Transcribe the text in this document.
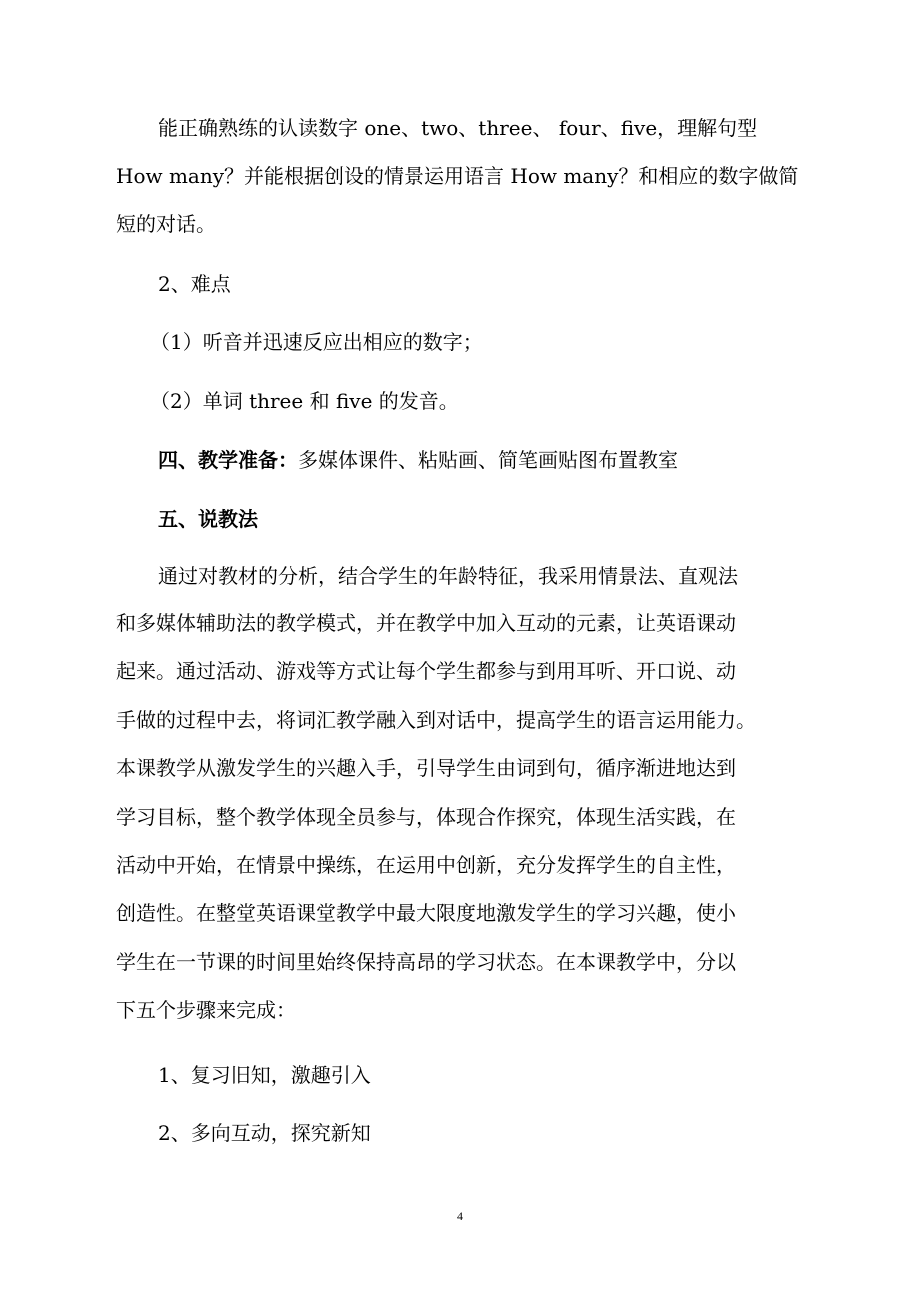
能正确熟练的认读数字 one、two、three、 four、five，理解句型
How many？并能根据创设的情景运用语言 How many？和相应的数字做简
短的对话。
2、难点
（1）听音并迅速反应出相应的数字；
（2）单词 three 和 five 的发音。
四、教学准备：多媒体课件、粘贴画、简笔画贴图布置教室
五、说教法
通过对教材的分析，结合学生的年龄特征，我采用情景法、直观法
和多媒体辅助法的教学模式，并在教学中加入互动的元素，让英语课动
起来。通过活动、游戏等方式让每个学生都参与到用耳听、开口说、动
手做的过程中去，将词汇教学融入到对话中，提高学生的语言运用能力。
本课教学从激发学生的兴趣入手，引导学生由词到句，循序渐进地达到
学习目标，整个教学体现全员参与，体现合作探究，体现生活实践，在
活动中开始，在情景中操练，在运用中创新，充分发挥学生的自主性，
创造性。在整堂英语课堂教学中最大限度地激发学生的学习兴趣，使小
学生在一节课的时间里始终保持高昂的学习状态。在本课教学中，分以
下五个步骤来完成：
1、复习旧知，激趣引入
2、多向互动，探究新知
4
